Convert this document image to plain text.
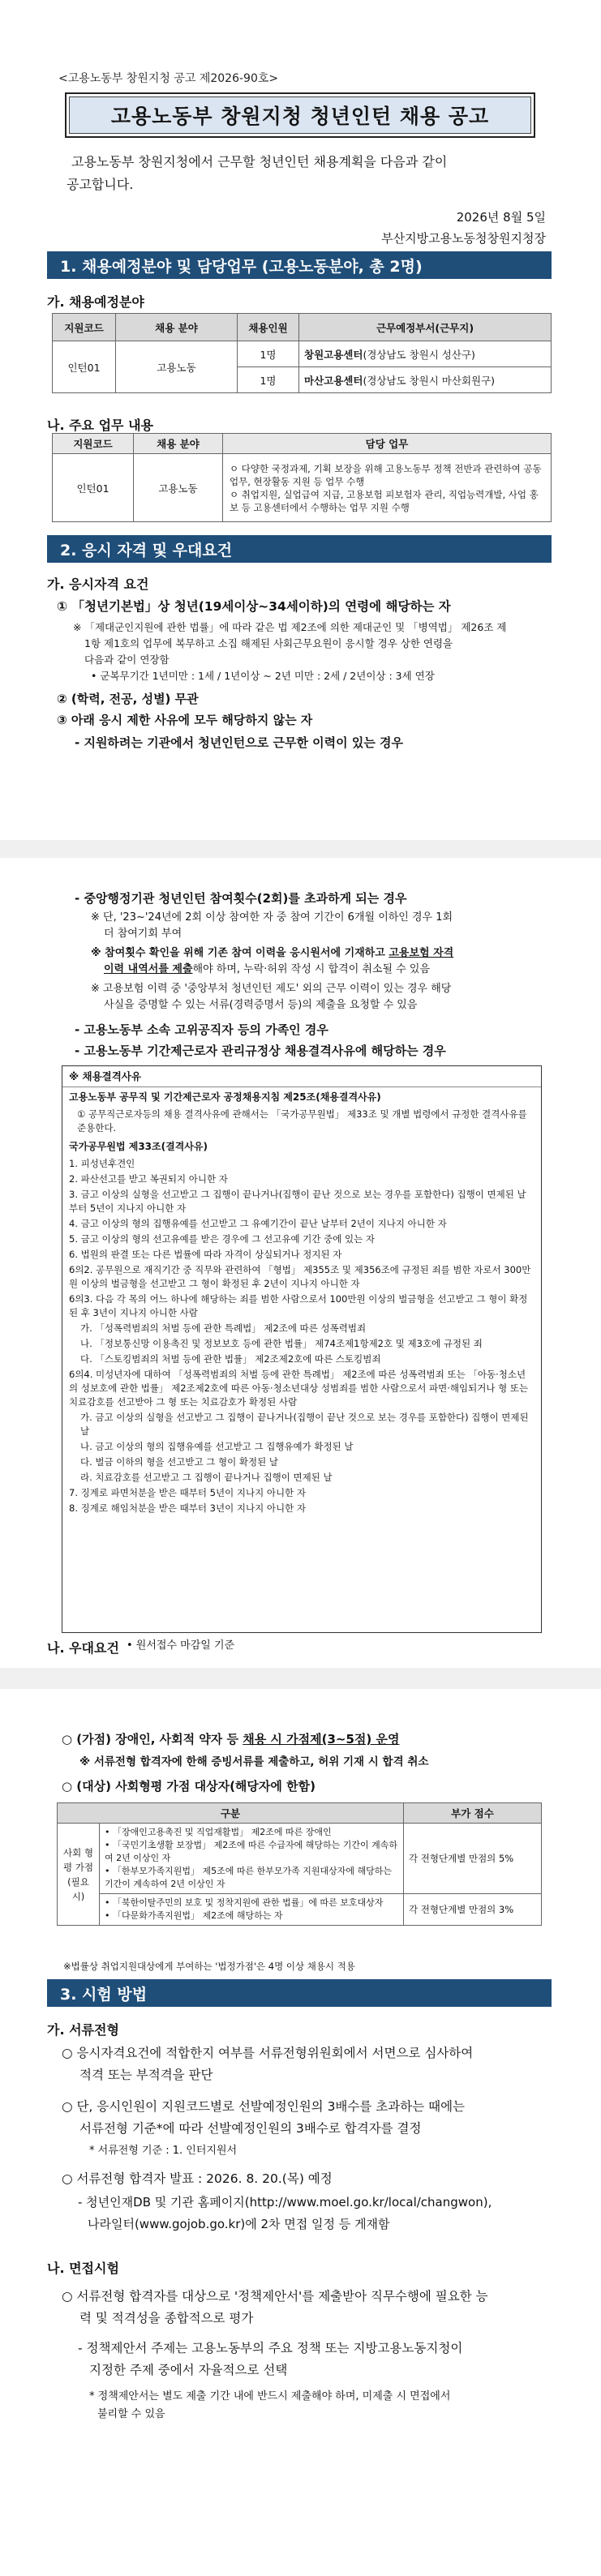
<고용노동부 창원지청 공고 제2026-90호>
고용노동부 창원지청 청년인턴 채용 공고
고용노동부 창원지청에서 근무할 청년인턴 채용계획을 다음과 같이
공고합니다.
2026년 8월 5일
부산지방고용노동청창원지청장
1. 채용예정분야 및 담당업무 (고용노동분야, 총 2명)
가. 채용예정분야
지원코드	채용 분야	채용인원	근무예정부서(근무지)
인턴01	고용노동	1명	창원고용센터(경상남도 창원시 성산구)
		1명	마산고용센터(경상남도 창원시 마산회원구)
나. 주요 업무 내용
지원코드	채용 분야	담당 업무
인턴01	고용노동	ㅇ 다양한 국정과제, 기획 보장을 위해 고용노동부 정책 전반과 관련하여 공동업무, 현장활동 지원 등 업무 수행
ㅇ 취업지원, 실업급여 지급, 고용보험 피보험자 관리, 직업능력개발, 사업 홍보 등 고용센터에서 수행하는 업무 지원 수행
2. 응시 자격 및 우대요건
가. 응시자격 요건
① 「청년기본법」상 청년(19세이상~34세이하)의 연령에 해당하는 자
※ 「제대군인지원에 관한 법률」에 따라 같은 법 제2조에 의한 제대군인 및 「병역법」 제26조 제
1항 제1호의 업무에 복무하고 소집 해제된 사회근무요원이 응시할 경우 상한 연령을
다음과 같이 연장함
• 군복무기간 1년미만 : 1세 / 1년이상 ~ 2년 미만 : 2세 / 2년이상 : 3세 연장
② (학력, 전공, 성별) 무관
③ 아래 응시 제한 사유에 모두 해당하지 않는 자
- 지원하려는 기관에서 청년인턴으로 근무한 이력이 있는 경우
- 중앙행정기관 청년인턴 참여횟수(2회)를 초과하게 되는 경우
※ 단, '23~'24년에 2회 이상 참여한 자 중 참여 기간이 6개월 이하인 경우 1회
더 참여기회 부여
※ 참여횟수 확인을 위해 기존 참여 이력을 응시원서에 기재하고 고용보험 자격
이력 내역서를 제출해야 하며, 누락·허위 작성 시 합격이 취소될 수 있음
※ 고용보험 이력 중 '중앙부처 청년인턴 제도' 외의 근무 이력이 있는 경우 해당
사실을 증명할 수 있는 서류(경력증명서 등)의 제출을 요청할 수 있음
- 고용노동부 소속 고위공직자 등의 가족인 경우
- 고용노동부 기간제근로자 관리규정상 채용결격사유에 해당하는 경우

※ 채용결격사유

고용노동부 공무직 및 기간제근로자 공정채용지침 제25조(채용결격사유)

① 공무직근로자등의 채용 결격사유에 관해서는 「국가공무원법」 제33조 및 개별 법령에서 규정한 결격사유를 준용한다.

국가공무원법 제33조(결격사유)

1. 피성년후견인

2. 파산선고를 받고 복권되지 아니한 자

3. 금고 이상의 실형을 선고받고 그 집행이 끝나거나(집행이 끝난 것으로 보는 경우를 포함한다) 집행이 면제된 날부터 5년이 지나지 아니한 자

4. 금고 이상의 형의 집행유예를 선고받고 그 유예기간이 끝난 날부터 2년이 지나지 아니한 자

5. 금고 이상의 형의 선고유예를 받은 경우에 그 선고유예 기간 중에 있는 자

6. 법원의 판결 또는 다른 법률에 따라 자격이 상실되거나 정지된 자

6의2. 공무원으로 재직기간 중 직무와 관련하여 「형법」 제355조 및 제356조에 규정된 죄를 범한 자로서 300만원 이상의 벌금형을 선고받고 그 형이 확정된 후 2년이 지나지 아니한 자

6의3. 다음 각 목의 어느 하나에 해당하는 죄를 범한 사람으로서 100만원 이상의 벌금형을 선고받고 그 형이 확정된 후 3년이 지나지 아니한 사람

가. 「성폭력범죄의 처벌 등에 관한 특례법」 제2조에 따른 성폭력범죄

나. 「정보통신망 이용촉진 및 정보보호 등에 관한 법률」 제74조제1항제2호 및 제3호에 규정된 죄

다. 「스토킹범죄의 처벌 등에 관한 법률」 제2조제2호에 따른 스토킹범죄

6의4. 미성년자에 대하여 「성폭력범죄의 처벌 등에 관한 특례법」 제2조에 따른 성폭력범죄 또는 「아동·청소년의 성보호에 관한 법률」 제2조제2호에 따른 아동·청소년대상 성범죄를 범한 사람으로서 파면·해임되거나 형 또는 치료감호를 선고받아 그 형 또는 치료감호가 확정된 사람

가. 금고 이상의 실형을 선고받고 그 집행이 끝나거나(집행이 끝난 것으로 보는 경우를 포함한다) 집행이 면제된 날

나. 금고 이상의 형의 집행유예를 선고받고 그 집행유예가 확정된 날

다. 벌금 이하의 형을 선고받고 그 형이 확정된 날

라. 치료감호를 선고받고 그 집행이 끝나거나 집행이 면제된 날

7. 징계로 파면처분을 받은 때부터 5년이 지나지 아니한 자

8. 징계로 해임처분을 받은 때부터 3년이 지나지 아니한 자

나. 우대요건 • 원서접수 마감일 기준
○ (가점) 장애인, 사회적 약자 등 채용 시 가점제(3~5점) 운영
※ 서류전형 합격자에 한해 증빙서류를 제출하고, 허위 기재 시 합격 취소
○ (대상) 사회형평 가점 대상자(해당자에 한함)
구분		부가 점수
사회 형평 가점 (필요시)	• 「장애인고용촉진 및 직업재활법」 제2조에 따른 장애인
• 「국민기초생활 보장법」 제2조에 따른 수급자에 해당하는 기간이 계속하여 2년 이상인 자
• 「한부모가족지원법」 제5조에 따른 한부모가족 지원대상자에 해당하는 기간이 계속하여 2년 이상인 자	각 전형단계별 만점의 5%

	• 「북한이탈주민의 보호 및 정착지원에 관한 법률」에 따른 보호대상자
• 「다문화가족지원법」 제2조에 해당하는 자	각 전형단계별 만점의 3%
※법률상 취업지원대상에게 부여하는 '법정가점'은 4명 이상 채용시 적용
3. 시험 방법
가. 서류전형
○ 응시자격요건에 적합한지 여부를 서류전형위원회에서 서면으로 심사하여
적격 또는 부적격을 판단
○ 단, 응시인원이 지원코드별로 선발예정인원의 3배수를 초과하는 때에는
서류전형 기준*에 따라 선발예정인원의 3배수로 합격자를 결정
* 서류전형 기준 : 1. 인터지원서
○ 서류전형 합격자 발표 : 2026. 8. 20.(목) 예정
- 청년인재DB 및 기관 홈페이지(http://www.moel.go.kr/local/changwon),
나라일터(www.gojob.go.kr)에 2차 면접 일정 등 게재함
나. 면접시험
○ 서류전형 합격자를 대상으로 '정책제안서'를 제출받아 직무수행에 필요한 능
력 및 적격성을 종합적으로 평가
- 정책제안서 주제는 고용노동부의 주요 정책 또는 지방고용노동지청이
지정한 주제 중에서 자율적으로 선택
* 정책제안서는 별도 제출 기간 내에 반드시 제출해야 하며, 미제출 시 면접에서
불리할 수 있음
